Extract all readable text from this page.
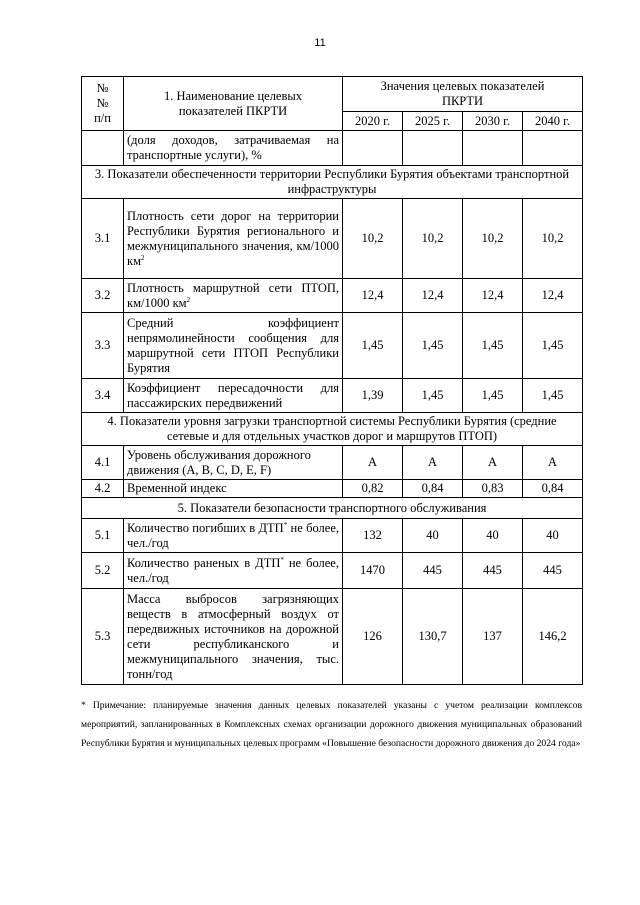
11
№№ п/п	1. Наименование целевых показателей ПКРТИ	Значения целевых показателей ПКРТИ			
		2020 г.	2025 г.	2030 г.	2040 г.

	(доля доходов, затрачиваемая на транспортные услуги), %				

3. Показатели обеспеченности территории Республики Бурятия объектами транспортной инфраструктуры					
3.1	Плотность сети дорог на территории Республики Бурятия регионального и межмуниципального значения, км/1000 $км^2$	10,2	10,2	10,2	10,2
3.2	Плотность маршрутной сети ПТОП, км/1000 $км^2$	12,4	12,4	12,4	12,4
3.3	Средний коэффициент непрямолинейности сообщения для маршрутной сети ПТОП Республики Бурятия	1,45	1,45	1,45	1,45
3.4	Коэффициент пересадочности для пассажирских передвижений	1,39	1,45	1,45	1,45
4. Показатели уровня загрузки транспортной системы Республики Бурятия (средние сетевые и для отдельных участков дорог и маршрутов ПТОП)					
4.1	Уровень обслуживания дорожного движения (А, В, С, D, Е, F)	А	А	А	А
4.2	Временной индекс	0,82	0,84	0,83	0,84
5. Показатели безопасности транспортного обслуживания					
5.1	Количество погибших в ДТП* не более, чел./год	132	40	40	40
5.2	Количество раненых в ДТП* не более, чел./год	1470	445	445	445
5.3	Масса выбросов загрязняющих веществ в атмосферный воздух от передвижных источников на дорожной сети республиканского и межмуниципального значения, тыс. тонн/год	126	130,7	137	146,2
* Примечание: планируемые значения данных целевых показателей указаны с учетом реализации комплексов мероприятий, запланированных в Комплексных схемах организации дорожного движения муниципальных образований Республики Бурятия и муниципальных целевых программ «Повышение безопасности дорожного движения до 2024 года»
